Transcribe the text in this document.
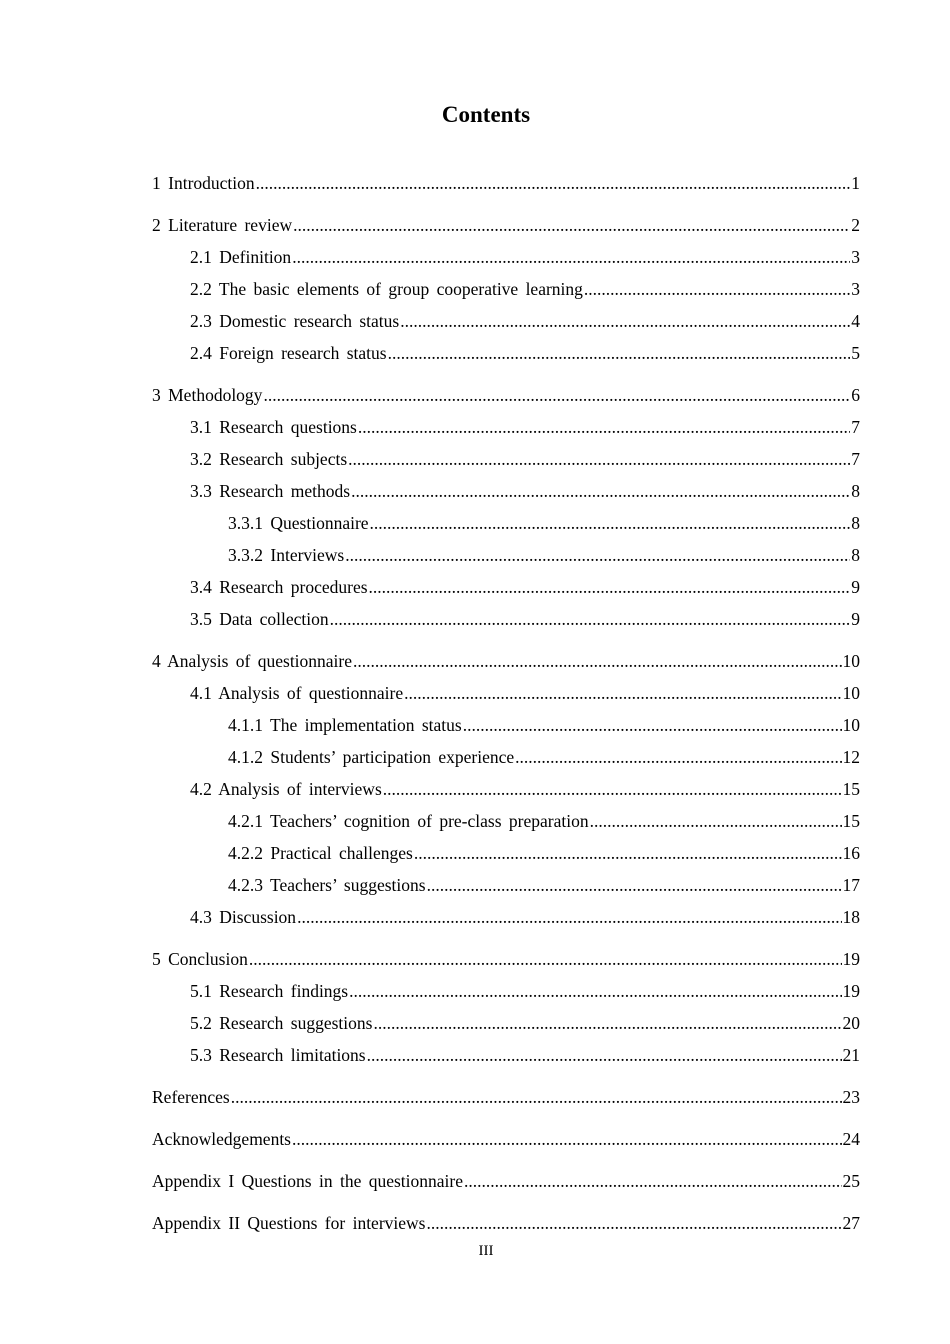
Contents
1 Introduction .....	1
2 Literature review .....	2
2.1 Definition .....	3
2.2 The basic elements of group cooperative learning .....	3
2.3 Domestic research status .....	4
2.4 Foreign research status .....	5
3 Methodology .....	6
3.1 Research questions .....	7
3.2 Research subjects .....	7
3.3 Research methods .....	8
3.3.1 Questionnaire .....	8
3.3.2 Interviews .....	8
3.4 Research procedures .....	9
3.5 Data collection .....	9
4 Analysis of questionnaire .....	10
4.1 Analysis of questionnaire .....	10
4.1.1 The implementation status .....	10
4.1.2 Students’ participation experience .....	12
4.2 Analysis of interviews .....	15
4.2.1 Teachers’ cognition of pre-class preparation .....	15
4.2.2 Practical challenges .....	16
4.2.3 Teachers’ suggestions .....	17
4.3 Discussion .....	18
5 Conclusion .....	19
5.1 Research findings .....	19
5.2 Research suggestions .....	20
5.3 Research limitations .....	21
References .....	23
Acknowledgements .....	24
Appendix I Questions in the questionnaire .....	25
Appendix II Questions for interviews .....	27
III
